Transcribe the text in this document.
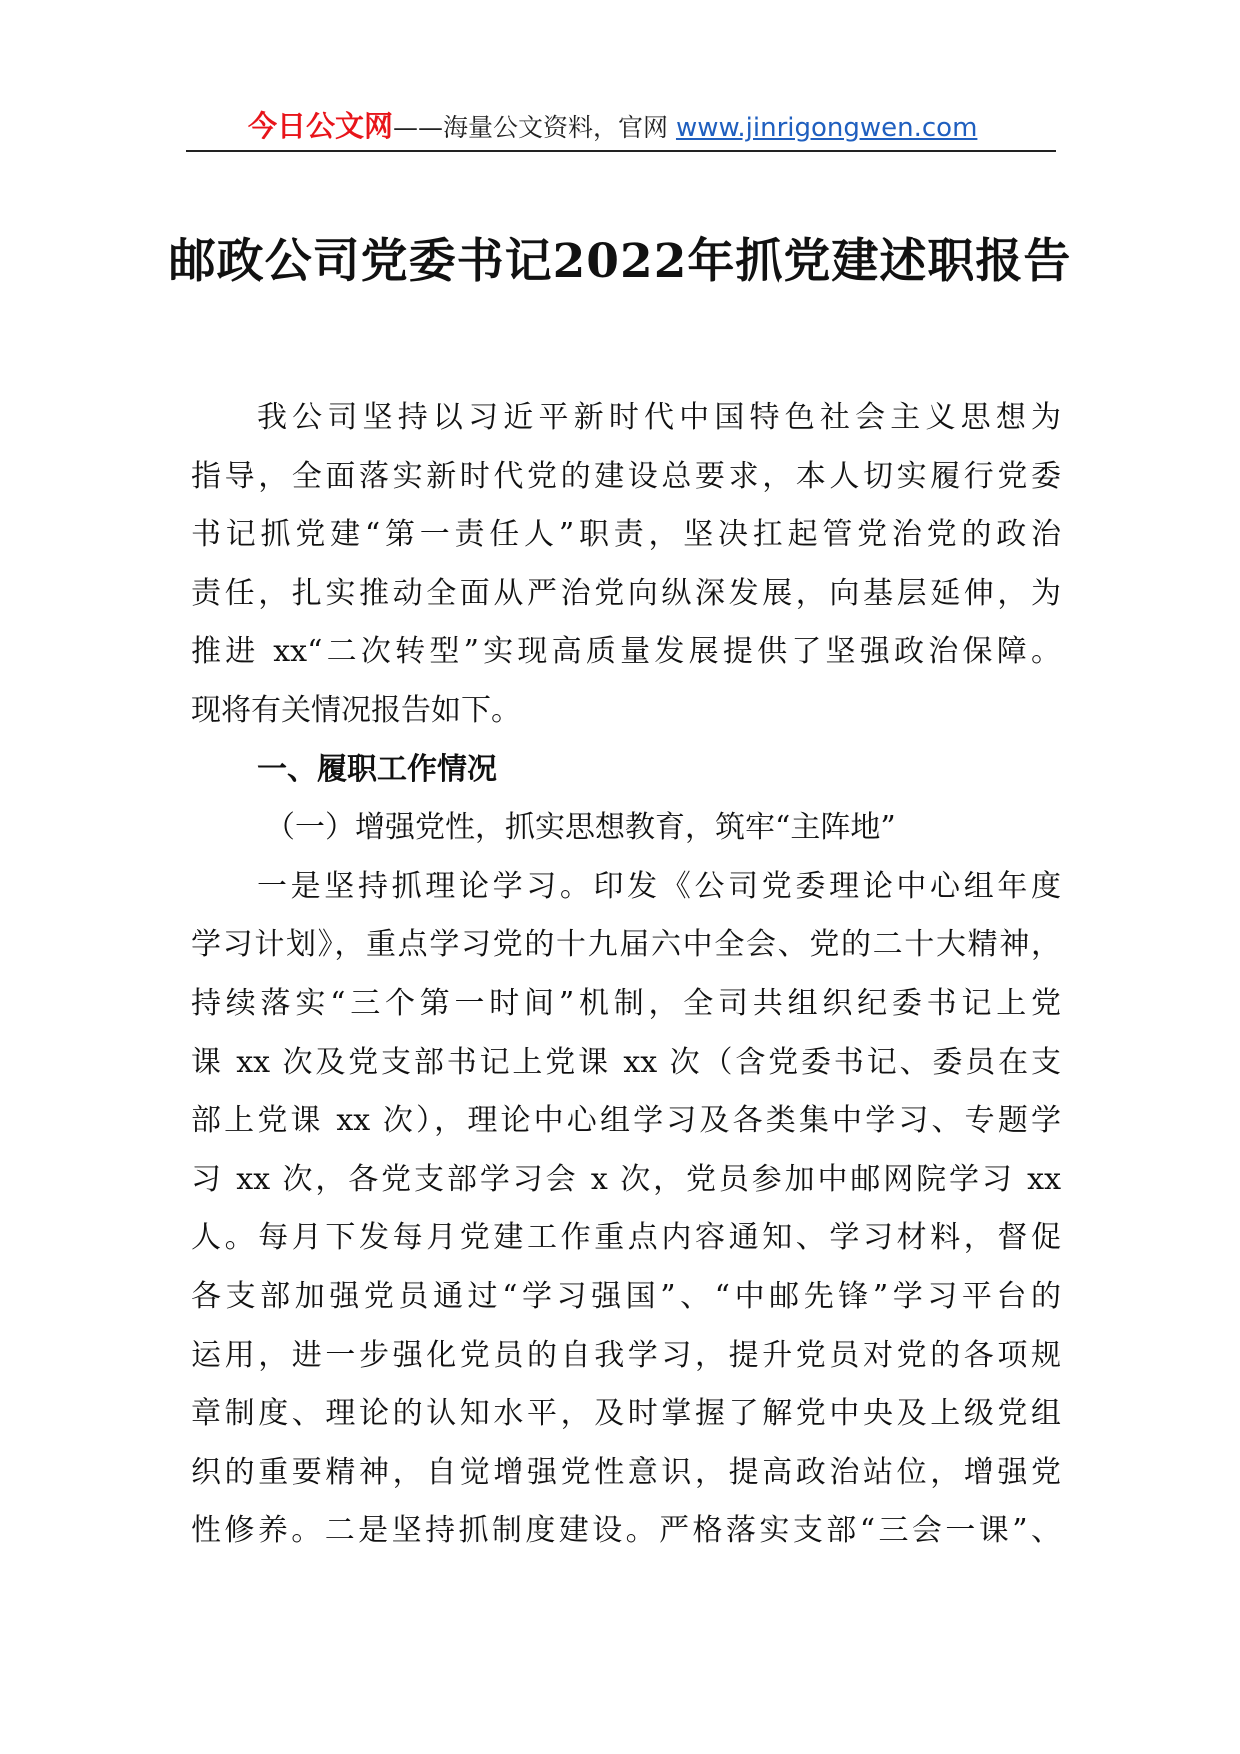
今日公文网——海量公文资料，官网 www.jinrigongwen.com
邮政公司党委书记2022年抓党建述职报告
我公司坚持以习近平新时代中国特色社会主义思想为
指导，全面落实新时代党的建设总要求，本人切实履行党委
书记抓党建“第一责任人”职责，坚决扛起管党治党的政治
责任，扎实推动全面从严治党向纵深发展，向基层延伸，为
推进 xx“二次转型”实现高质量发展提供了坚强政治保障。
现将有关情况报告如下。
一、履职工作情况
（一）增强党性，抓实思想教育，筑牢“主阵地”
一是坚持抓理论学习。印发《公司党委理论中心组年度
学习计划》，重点学习党的十九届六中全会、党的二十大精神，
持续落实“三个第一时间”机制，全司共组织纪委书记上党
课 xx 次及党支部书记上党课 xx 次（含党委书记、委员在支
部上党课 xx 次），理论中心组学习及各类集中学习、专题学
习 xx 次，各党支部学习会 x 次，党员参加中邮网院学习 xx
人。每月下发每月党建工作重点内容通知、学习材料，督促
各支部加强党员通过“学习强国”、“中邮先锋”学习平台的
运用，进一步强化党员的自我学习，提升党员对党的各项规
章制度、理论的认知水平，及时掌握了解党中央及上级党组
织的重要精神，自觉增强党性意识，提高政治站位，增强党
性修养。二是坚持抓制度建设。严格落实支部“三会一课”、
